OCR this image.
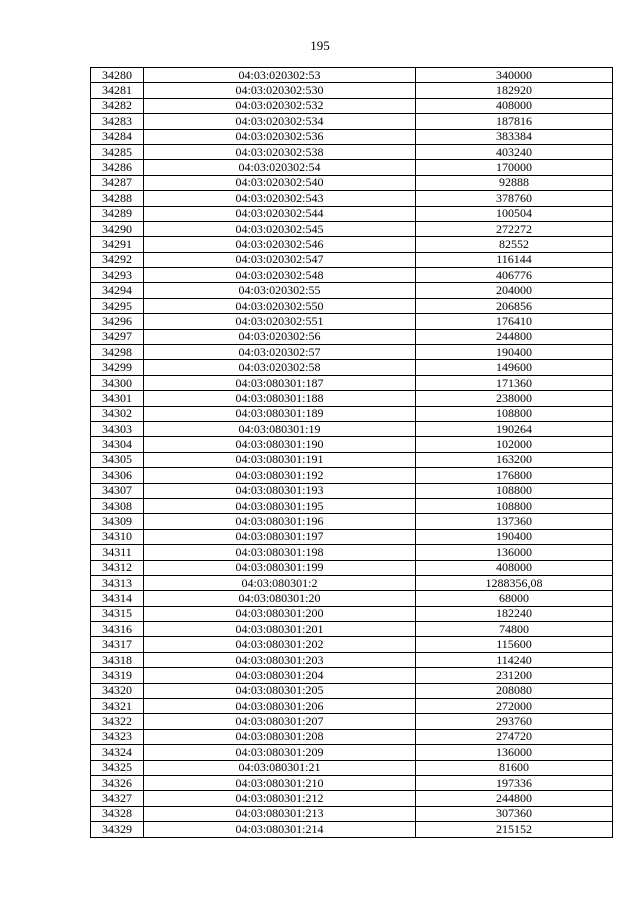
195
34280	04:03:020302:53	340000
34281	04:03:020302:530	182920
34282	04:03:020302:532	408000
34283	04:03:020302:534	187816
34284	04:03:020302:536	383384
34285	04:03:020302:538	403240
34286	04:03:020302:54	170000
34287	04:03:020302:540	92888
34288	04:03:020302:543	378760
34289	04:03:020302:544	100504
34290	04:03:020302:545	272272
34291	04:03:020302:546	82552
34292	04:03:020302:547	116144
34293	04:03:020302:548	406776
34294	04:03:020302:55	204000
34295	04:03:020302:550	206856
34296	04:03:020302:551	176410
34297	04:03:020302:56	244800
34298	04:03:020302:57	190400
34299	04:03:020302:58	149600
34300	04:03:080301:187	171360
34301	04:03:080301:188	238000
34302	04:03:080301:189	108800
34303	04:03:080301:19	190264
34304	04:03:080301:190	102000
34305	04:03:080301:191	163200
34306	04:03:080301:192	176800
34307	04:03:080301:193	108800
34308	04:03:080301:195	108800
34309	04:03:080301:196	137360
34310	04:03:080301:197	190400
34311	04:03:080301:198	136000
34312	04:03:080301:199	408000
34313	04:03:080301:2	1288356,08
34314	04:03:080301:20	68000
34315	04:03:080301:200	182240
34316	04:03:080301:201	74800
34317	04:03:080301:202	115600
34318	04:03:080301:203	114240
34319	04:03:080301:204	231200
34320	04:03:080301:205	208080
34321	04:03:080301:206	272000
34322	04:03:080301:207	293760
34323	04:03:080301:208	274720
34324	04:03:080301:209	136000
34325	04:03:080301:21	81600
34326	04:03:080301:210	197336
34327	04:03:080301:212	244800
34328	04:03:080301:213	307360
34329	04:03:080301:214	215152
